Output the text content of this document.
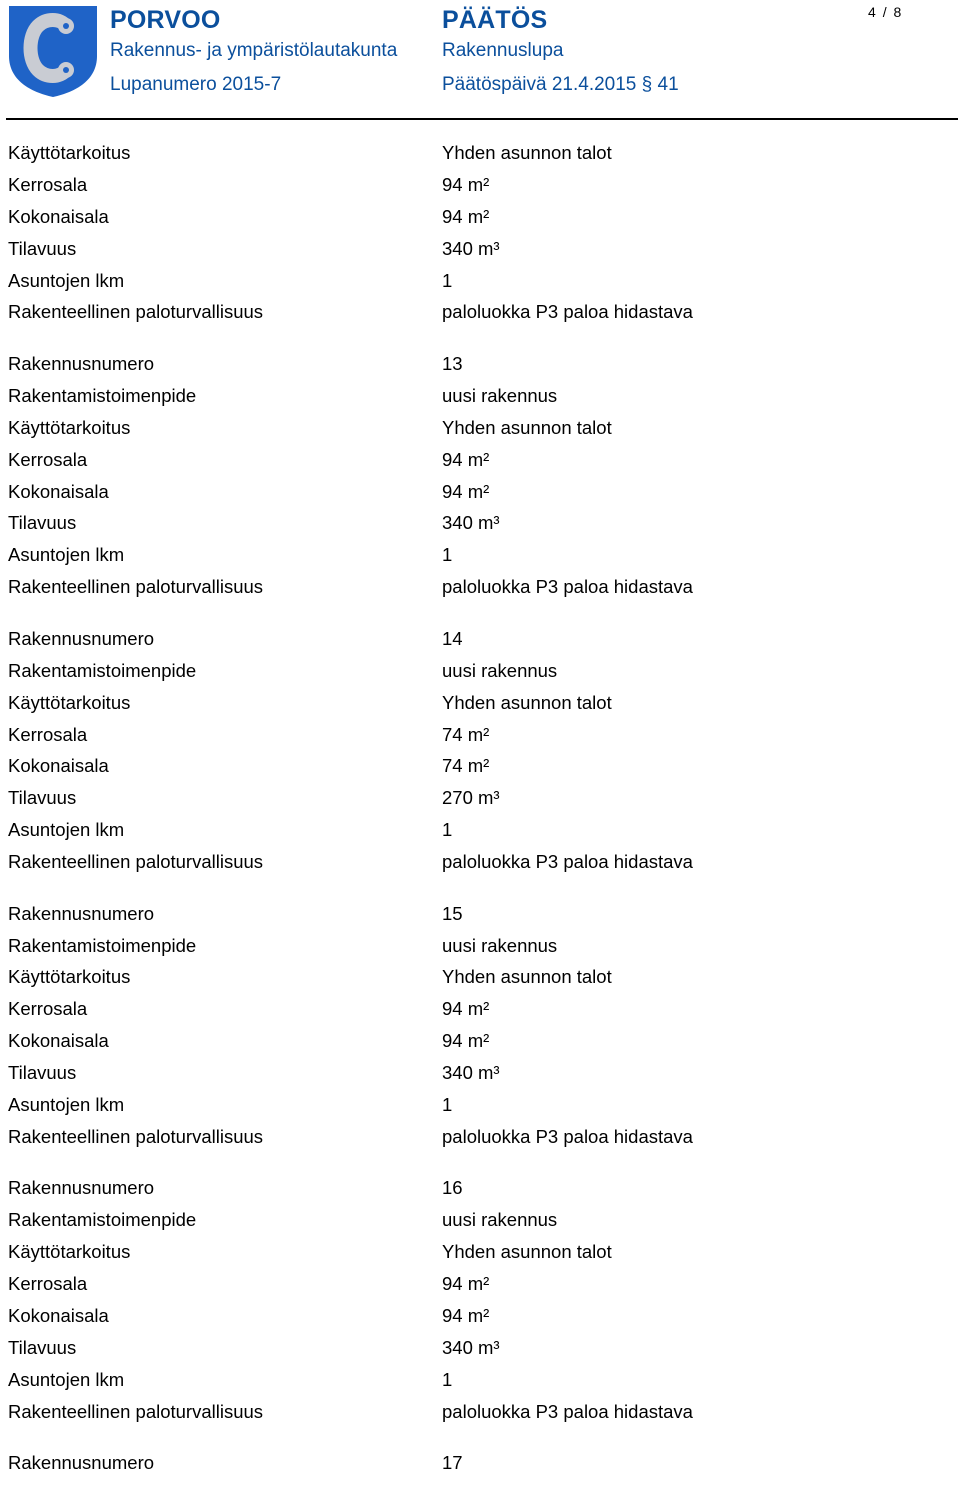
PORVOO
Rakennus- ja ympäristölautakunta
Lupanumero 2015-7
PÄÄTÖS
Rakennuslupa
Päätöspäivä 21.4.2015 § 41
4 / 8
Käyttötarkoitus	Yhden asunnon talot
Kerrosala	94 m²
Kokonaisala	94 m²
Tilavuus	340 m³
Asuntojen lkm	1
Rakenteellinen paloturvallisuus	paloluokka P3 paloa hidastava
Rakennusnumero	13
Rakentamistoimenpide	uusi rakennus
Käyttötarkoitus	Yhden asunnon talot
Kerrosala	94 m²
Kokonaisala	94 m²
Tilavuus	340 m³
Asuntojen lkm	1
Rakenteellinen paloturvallisuus	paloluokka P3 paloa hidastava
Rakennusnumero	14
Rakentamistoimenpide	uusi rakennus
Käyttötarkoitus	Yhden asunnon talot
Kerrosala	74 m²
Kokonaisala	74 m²
Tilavuus	270 m³
Asuntojen lkm	1
Rakenteellinen paloturvallisuus	paloluokka P3 paloa hidastava
Rakennusnumero	15
Rakentamistoimenpide	uusi rakennus
Käyttötarkoitus	Yhden asunnon talot
Kerrosala	94 m²
Kokonaisala	94 m²
Tilavuus	340 m³
Asuntojen lkm	1
Rakenteellinen paloturvallisuus	paloluokka P3 paloa hidastava
Rakennusnumero	16
Rakentamistoimenpide	uusi rakennus
Käyttötarkoitus	Yhden asunnon talot
Kerrosala	94 m²
Kokonaisala	94 m²
Tilavuus	340 m³
Asuntojen lkm	1
Rakenteellinen paloturvallisuus	paloluokka P3 paloa hidastava
Rakennusnumero	17
